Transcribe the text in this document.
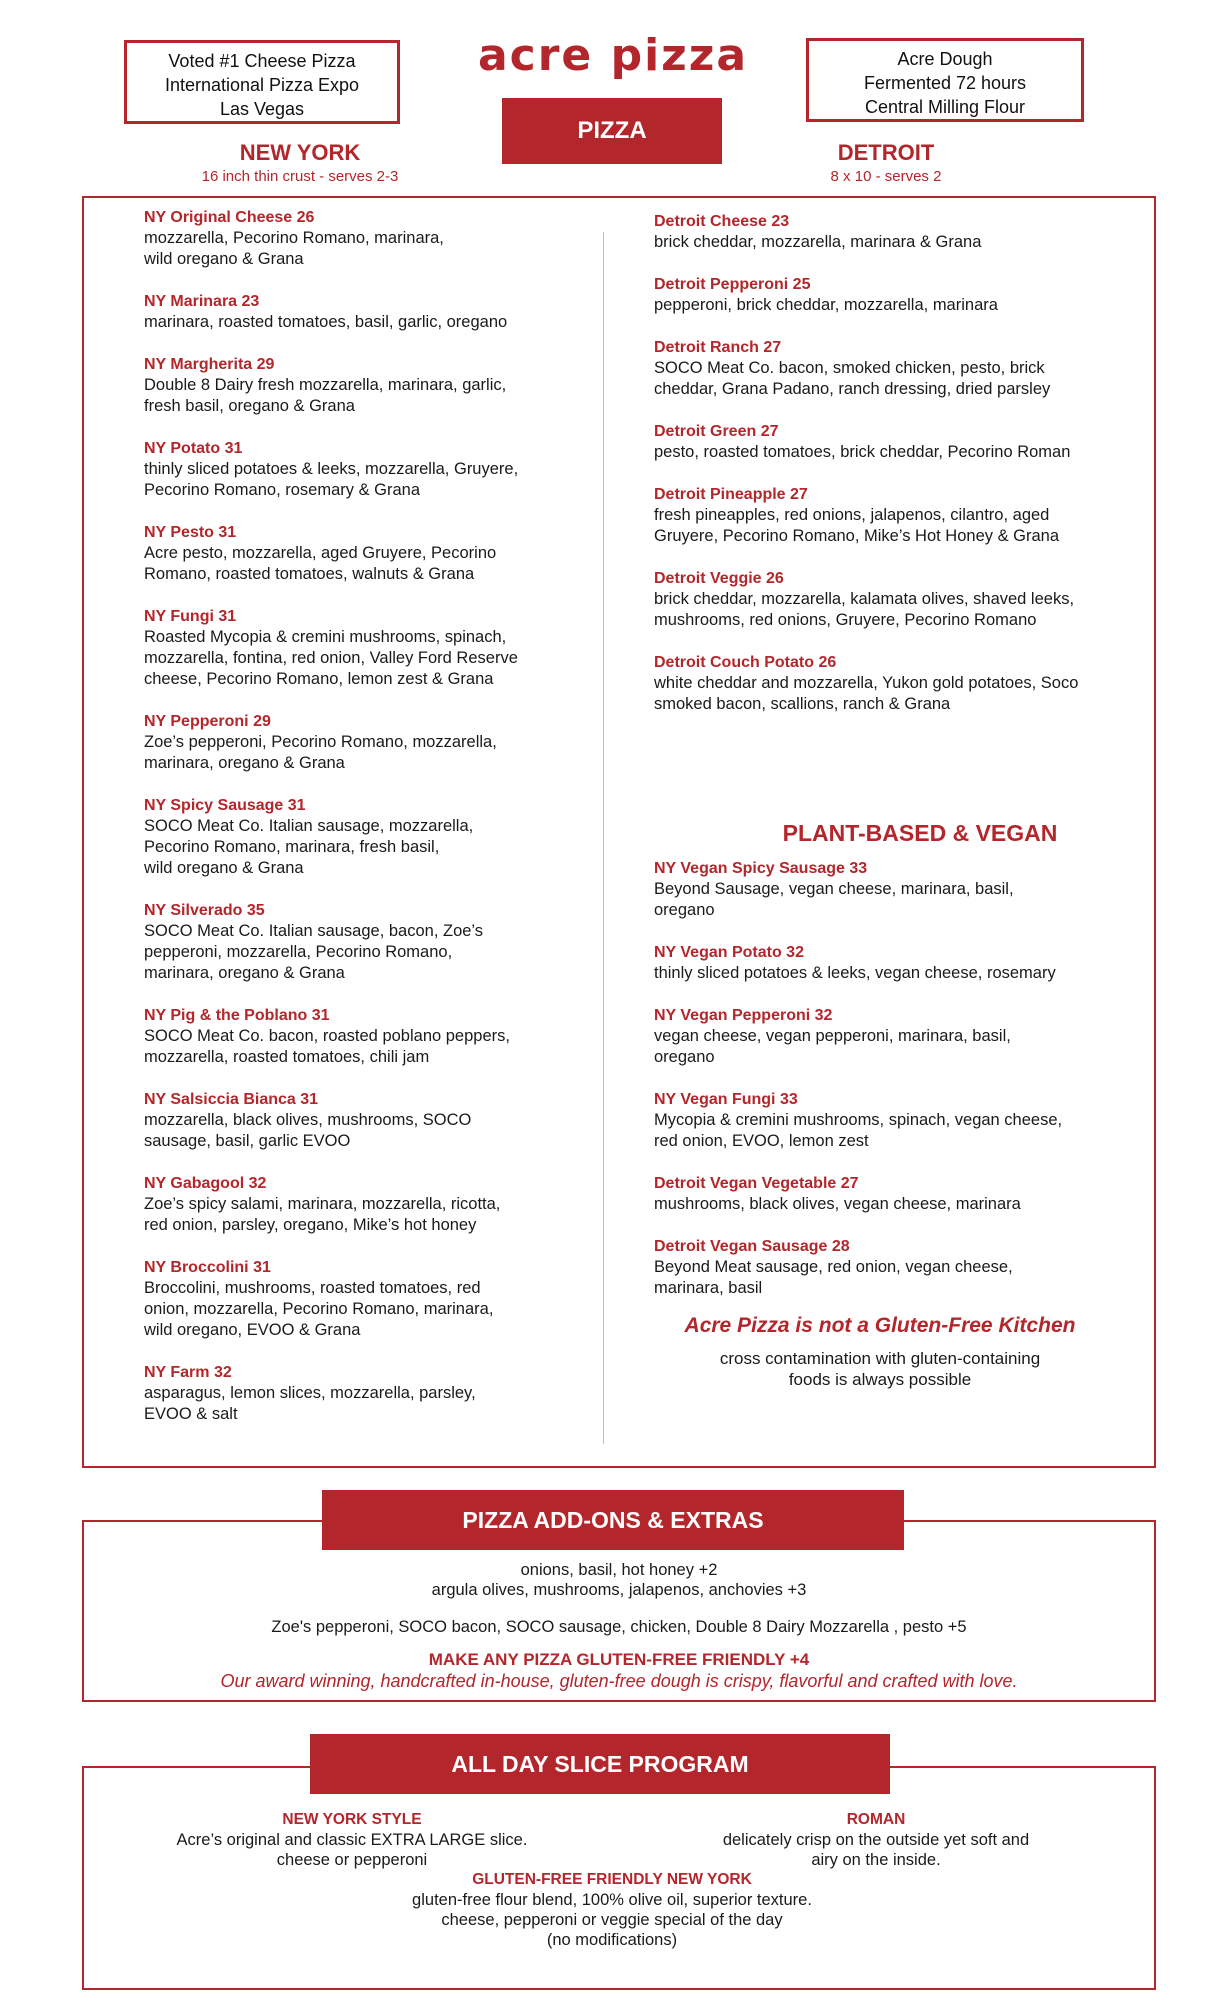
Voted #1 Cheese Pizza
International Pizza Expo
Las Vegas
acre pizza
PIZZA
Acre Dough
Fermented 72 hours
Central Milling Flour
NEW YORK
16 inch thin crust - serves 2-3
DETROIT
8 x 10 - serves 2
NY Original Cheese 26
mozzarella, Pecorino Romano, marinara,
wild oregano & Grana
NY Marinara 23
marinara, roasted tomatoes, basil, garlic, oregano
NY Margherita 29
Double 8 Dairy fresh mozzarella, marinara, garlic,
fresh basil, oregano & Grana
NY Potato 31
thinly sliced potatoes & leeks, mozzarella, Gruyere,
Pecorino Romano, rosemary & Grana
NY Pesto 31
Acre pesto, mozzarella, aged Gruyere, Pecorino
Romano, roasted tomatoes, walnuts & Grana
NY Fungi 31
Roasted Mycopia & cremini mushrooms, spinach,
mozzarella, fontina, red onion, Valley Ford Reserve
cheese, Pecorino Romano, lemon zest & Grana
NY Pepperoni 29
Zoe’s pepperoni, Pecorino Romano, mozzarella,
marinara, oregano & Grana
NY Spicy Sausage 31
SOCO Meat Co. Italian sausage, mozzarella,
Pecorino Romano, marinara, fresh basil,
wild oregano & Grana
NY Silverado 35
SOCO Meat Co. Italian sausage, bacon, Zoe’s
pepperoni, mozzarella, Pecorino Romano,
marinara, oregano & Grana
NY Pig & the Poblano 31
SOCO Meat Co. bacon, roasted poblano peppers,
mozzarella, roasted tomatoes, chili jam
NY Salsiccia Bianca 31
mozzarella, black olives, mushrooms, SOCO
sausage, basil, garlic EVOO
NY Gabagool 32
Zoe’s spicy salami, marinara, mozzarella, ricotta,
red onion, parsley, oregano, Mike’s hot honey
NY Broccolini 31
Broccolini, mushrooms, roasted tomatoes, red
onion, mozzarella, Pecorino Romano, marinara,
wild oregano, EVOO & Grana
NY Farm 32
asparagus, lemon slices, mozzarella, parsley,
EVOO & salt
Detroit Cheese 23
brick cheddar, mozzarella, marinara & Grana
Detroit Pepperoni 25
pepperoni, brick cheddar, mozzarella, marinara
Detroit Ranch 27
SOCO Meat Co. bacon, smoked chicken, pesto, brick
cheddar, Grana Padano, ranch dressing, dried parsley
Detroit Green 27
pesto, roasted tomatoes, brick cheddar, Pecorino Roman
Detroit Pineapple 27
fresh pineapples, red onions, jalapenos, cilantro, aged
Gruyere, Pecorino Romano, Mike’s Hot Honey & Grana
Detroit Veggie 26
brick cheddar, mozzarella, kalamata olives, shaved leeks,
mushrooms, red onions, Gruyere, Pecorino Romano
Detroit Couch Potato 26
white cheddar and mozzarella, Yukon gold potatoes, Soco
smoked bacon, scallions, ranch & Grana
PLANT-BASED & VEGAN
NY Vegan Spicy Sausage 33
Beyond Sausage, vegan cheese, marinara, basil,
oregano
NY Vegan Potato 32
thinly sliced potatoes & leeks, vegan cheese, rosemary
NY Vegan Pepperoni 32
vegan cheese, vegan pepperoni, marinara, basil,
oregano
NY Vegan Fungi 33
Mycopia & cremini mushrooms, spinach, vegan cheese,
red onion, EVOO, lemon zest
Detroit Vegan Vegetable 27
mushrooms, black olives, vegan cheese, marinara
Detroit Vegan Sausage 28
Beyond Meat sausage, red onion, vegan cheese,
marinara, basil
Acre Pizza is not a Gluten-Free Kitchen
cross contamination with gluten-containing
foods is always possible
PIZZA ADD-ONS & EXTRAS
onions, basil, hot honey +2
argula olives, mushrooms, jalapenos, anchovies +3
Zoe's pepperoni, SOCO bacon, SOCO sausage, chicken, Double 8 Dairy Mozzarella , pesto +5
MAKE ANY PIZZA GLUTEN-FREE FRIENDLY +4
Our award winning, handcrafted in-house, gluten-free dough is crispy, flavorful and crafted with love.
ALL DAY SLICE PROGRAM
NEW YORK STYLE
Acre’s original and classic EXTRA LARGE slice.
cheese or pepperoni
ROMAN
delicately crisp on the outside yet soft and
airy on the inside.
GLUTEN-FREE FRIENDLY NEW YORK
gluten-free flour blend, 100% olive oil, superior texture.
cheese, pepperoni or veggie special of the day
(no modifications)
